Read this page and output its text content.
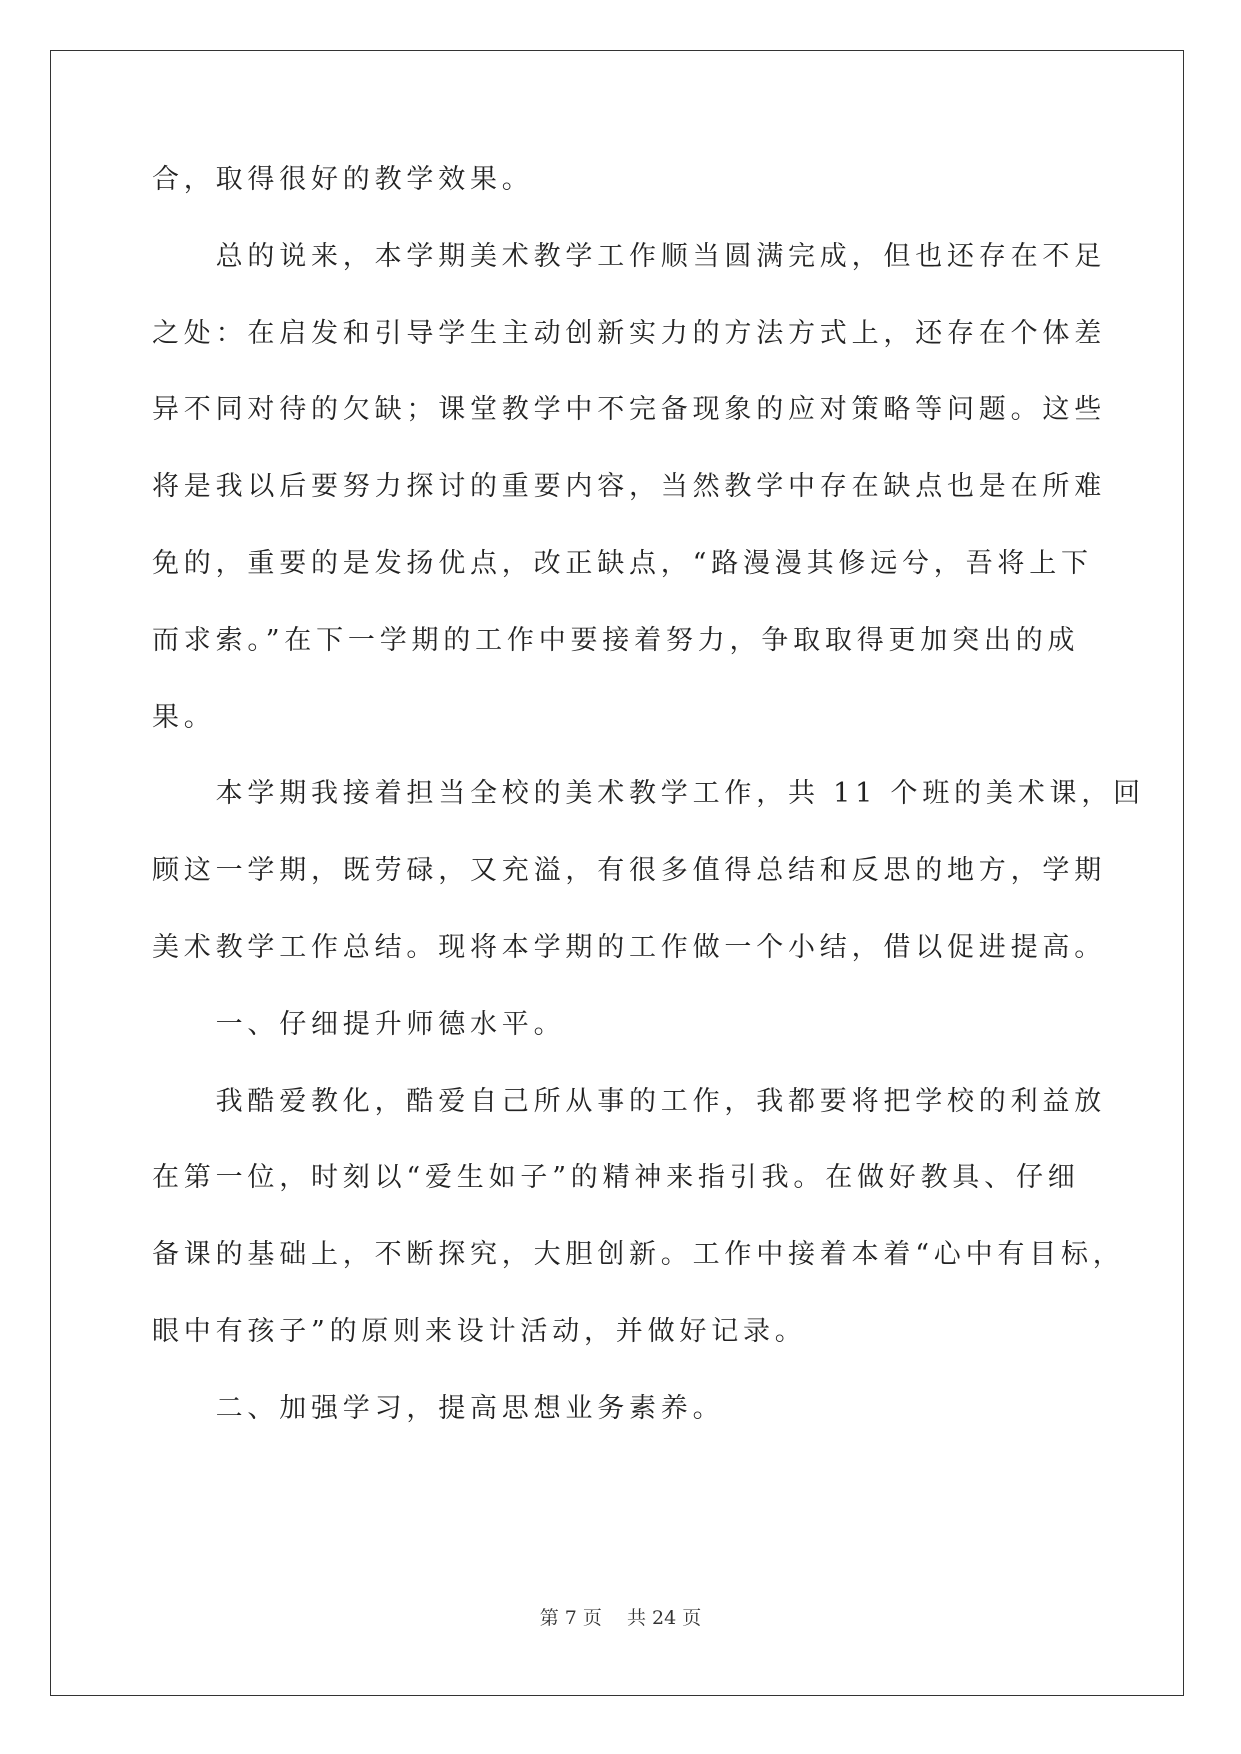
合，取得很好的教学效果。
　　总的说来，本学期美术教学工作顺当圆满完成，但也还存在不足
之处：在启发和引导学生主动创新实力的方法方式上，还存在个体差
异不同对待的欠缺；课堂教学中不完备现象的应对策略等问题。这些
将是我以后要努力探讨的重要内容，当然教学中存在缺点也是在所难
免的，重要的是发扬优点，改正缺点，“路漫漫其修远兮，吾将上下
而求索。”在下一学期的工作中要接着努力，争取取得更加突出的成
果。
　　本学期我接着担当全校的美术教学工作，共 11 个班的美术课，回
顾这一学期，既劳碌，又充溢，有很多值得总结和反思的地方，学期
美术教学工作总结。现将本学期的工作做一个小结，借以促进提高。
　　一、仔细提升师德水平。
　　我酷爱教化，酷爱自己所从事的工作，我都要将把学校的利益放
在第一位，时刻以“爱生如子”的精神来指引我。在做好教具、仔细
备课的基础上，不断探究，大胆创新。工作中接着本着“心中有目标，
眼中有孩子”的原则来设计活动，并做好记录。
　　二、加强学习，提高思想业务素养。
第 7 页　 共 24 页
